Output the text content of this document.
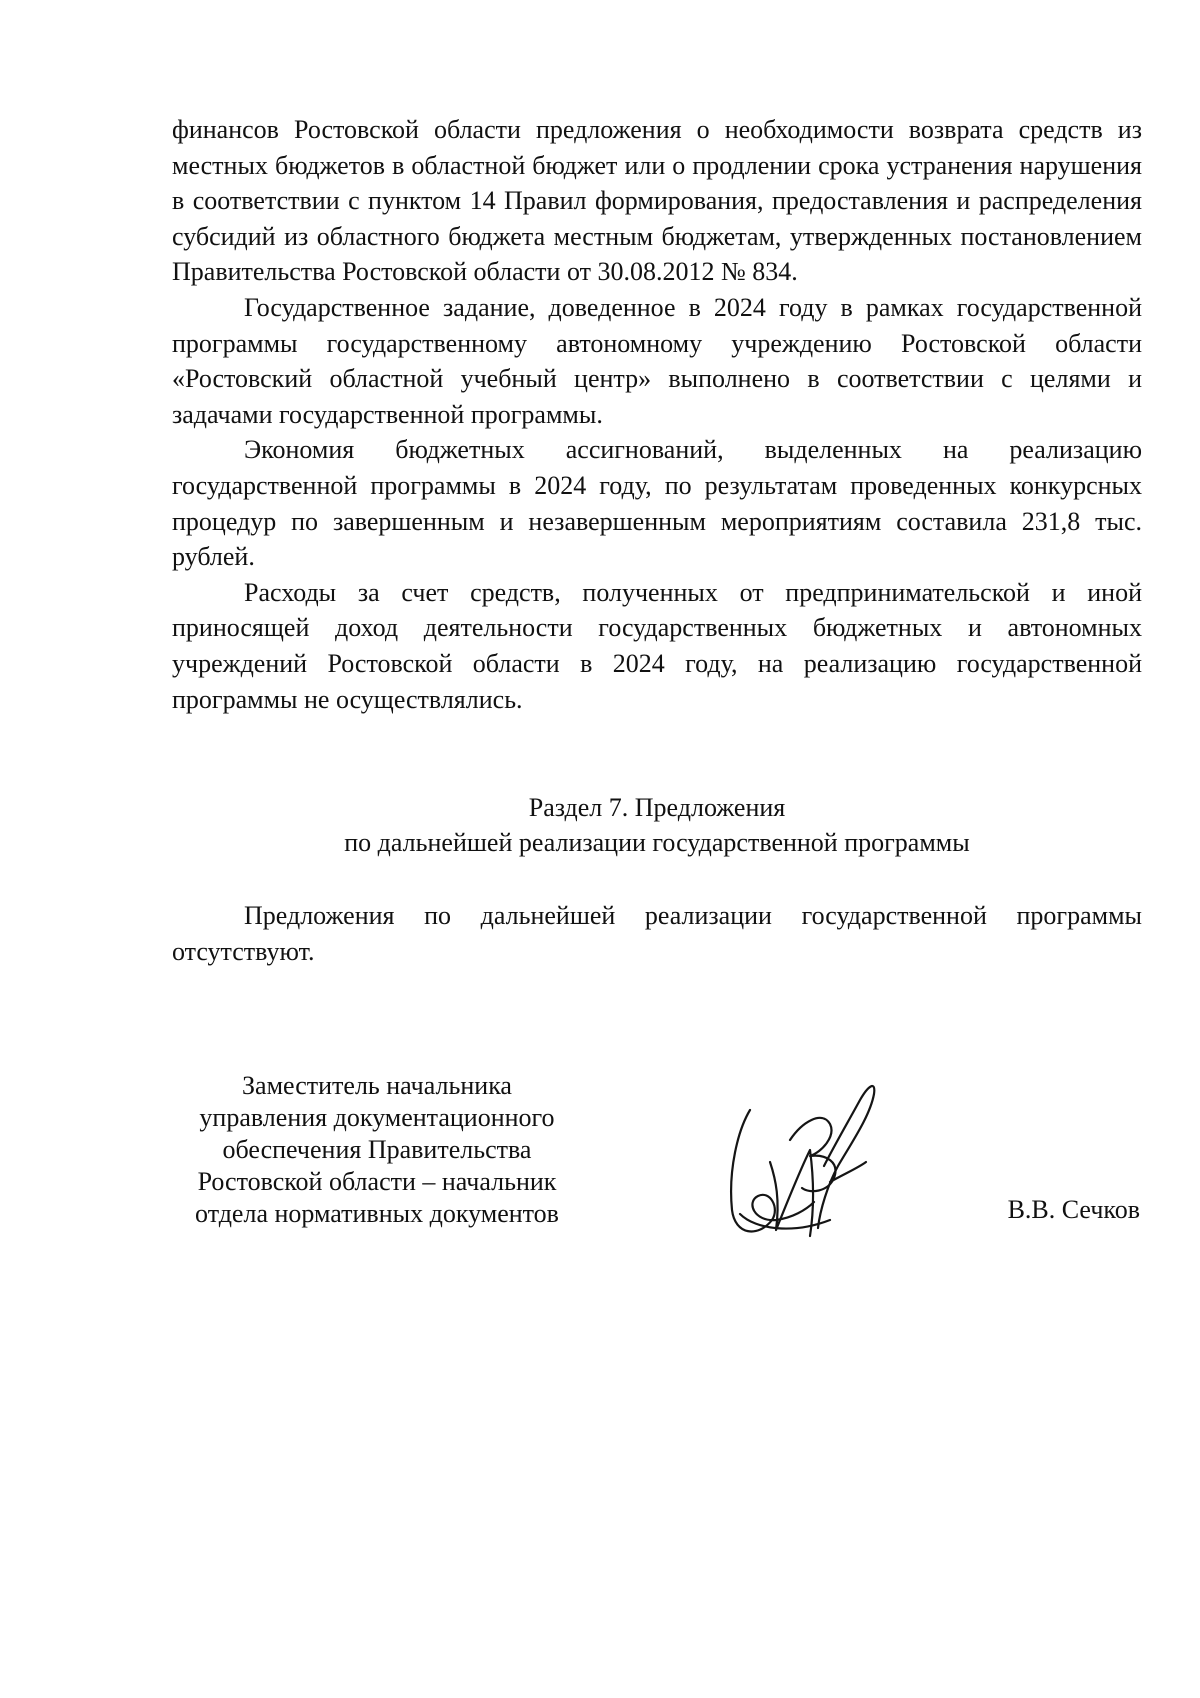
финансов Ростовской области предложения о необходимости возврата средств из местных бюджетов в областной бюджет или о продлении срока устранения нарушения в соответствии с пунктом 14 Правил формирования, предоставления и распределения субсидий из областного бюджета местным бюджетам, утвержденных постановлением Правительства Ростовской области от 30.08.2012 № 834.

Государственное задание, доведенное в 2024 году в рамках государственной программы государственному автономному учреждению Ростовской области «Ростовский областной учебный центр» выполнено в соответствии с целями и задачами государственной программы.

Экономия бюджетных ассигнований, выделенных на реализацию государственной программы в 2024 году, по результатам проведенных конкурсных процедур по завершенным и незавершенным мероприятиям составила 231,8 тыс. рублей.

Расходы за счет средств, полученных от предпринимательской и иной приносящей доход деятельности государственных бюджетных и автономных учреждений Ростовской области в 2024 году, на реализацию государственной программы не осуществлялись.

Раздел 7. Предложения
по дальнейшей реализации государственной программы

Предложения по дальнейшей реализации государственной программы отсутствуют.

Заместитель начальника
управления документационного
обеспечения Правительства
Ростовской области – начальник
отдела нормативных документов	В.В. Сечков
